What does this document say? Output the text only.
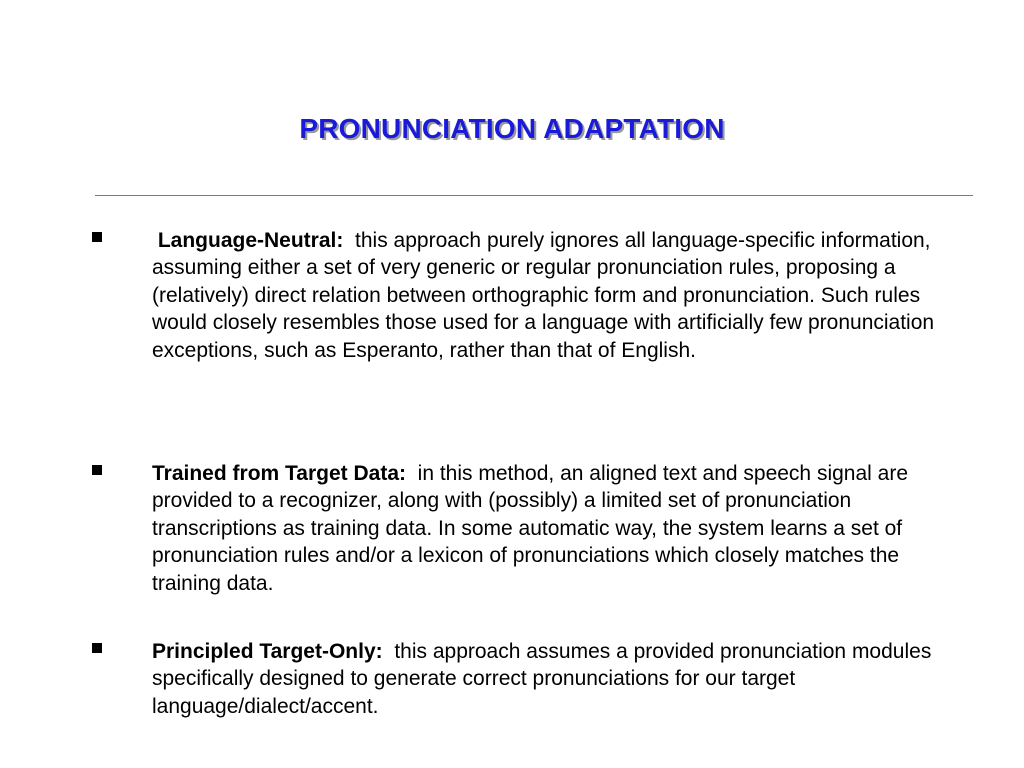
PRONUNCIATION ADAPTATION
Language-Neutral: this approach purely ignores all language-specific information, assuming either a set of very generic or regular pronunciation rules, proposing a (relatively) direct relation between orthographic form and pronunciation. Such rules would closely resembles those used for a language with artificially few pronunciation exceptions, such as Esperanto, rather than that of English.
Trained from Target Data: in this method, an aligned text and speech signal are provided to a recognizer, along with (possibly) a limited set of pronunciation transcriptions as training data. In some automatic way, the system learns a set of pronunciation rules and/or a lexicon of pronunciations which closely matches the training data.
Principled Target-Only: this approach assumes a provided pronunciation modules specifically designed to generate correct pronunciations for our target language/dialect/accent.
